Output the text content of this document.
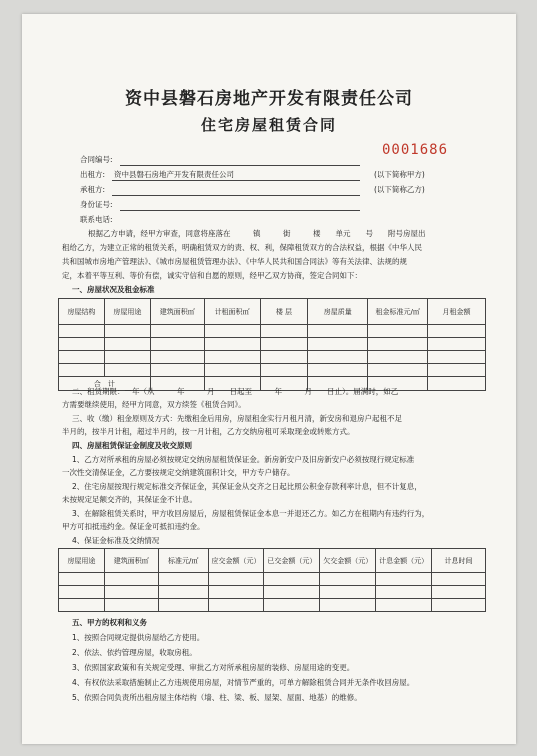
资中县磐石房地产开发有限责任公司
住宅房屋租赁合同
0001686
合同编号:
出租方: 资中县磐石房地产开发有限责任公司	(以下简称甲方)
承租方:	(以下简称乙方)
身份证号:
联系电话:
根据乙方申请，经甲方审查，同意将座落在　　　镇　　　街　　　楼　　单元　　号　　附号房屋出
租给乙方，为建立正常的租赁关系，明确租赁双方的责、权、利，保障租赁双方的合法权益，根据《中华人民
共和国城市房地产管理法》、《城市房屋租赁管理办法》、《中华人民共和国合同法》等有关法律、法规的规
定，本着平等互利、等价有偿，诚实守信和自愿的原则，经甲乙双方协商，签定合同如下：
一、房屋状况及租金标准
房屋结构	房屋用途	建筑面积㎡	计租面积㎡	楼 层	房屋质量	租金标准元/㎡	月租金额

合　计							
二、租赁期限：一年（从　　　年　　　月　　日起至　　　年　　　月　　日止）。届满时，如乙
方需要继续使用，经甲方同意，双方续签《租赁合同》。
三、收（缴）租金原则及方式：先缴租金后用房，房屋租金实行月租月清，新安房和退房户起租不足
半月的，按半月计租，超过半月的，按一月计租，乙方交纳房租可采取现金或转账方式。
四、房屋租赁保证金制度及收交原则
1、乙方对所承租的房屋必须按规定交纳房屋租赁保证金。新房新安户及旧房新安户必须按现行规定标准
一次性交清保证金，乙方要按规定交纳建筑面积计交，甲方专户储存。
2、住宅房屋按现行规定标准交齐保证金，其保证金从交齐之日起比照公积金存款利率计息，但不计复息，
未按规定足额交齐的，其保证金不计息。
3、在解除租赁关系时，甲方收回房屋后，房屋租赁保证金本息一并退还乙方。如乙方在租期内有违约行为，
甲方可扣抵违约金。保证金可抵扣违约金。
4、保证金标准及交纳情况
房屋用途	建筑面积㎡	标准元/㎡	应交金额（元）	已交金额（元）	欠交金额（元）	计息金额（元）	计息时间

五、甲方的权利和义务
1、按照合同规定提供房屋给乙方使用。
2、依法、依约管理房屋，收取房租。
3、依照国家政策和有关规定受理、审批乙方对所承租房屋的装修、房屋用途的变更。
4、有权依法采取措施制止乙方违规使用房屋，对情节严重的，可单方解除租赁合同并无条件收回房屋。
5、依照合同负责所出租房屋主体结构（墙、柱、梁、板、屋架、屋面、地基）的维修。
